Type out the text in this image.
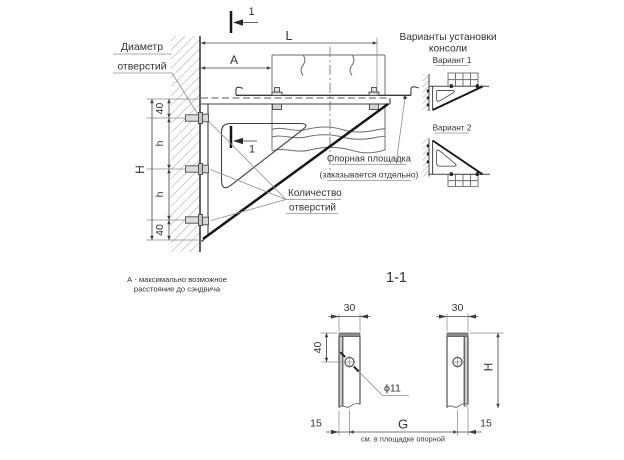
L
A
H
40
h
h
40
1
1
Диаметр
отверстий
Количество
отверстий
Опорная площадка
(заказывается отдельно)
А - максимально возможное
расстояние до сэндвича
Варианты установки
консоли
Вариант 1
Вариант 2
1-1
ϕ11
30
40
30
H
15	G	15
см. в площадке опорной
